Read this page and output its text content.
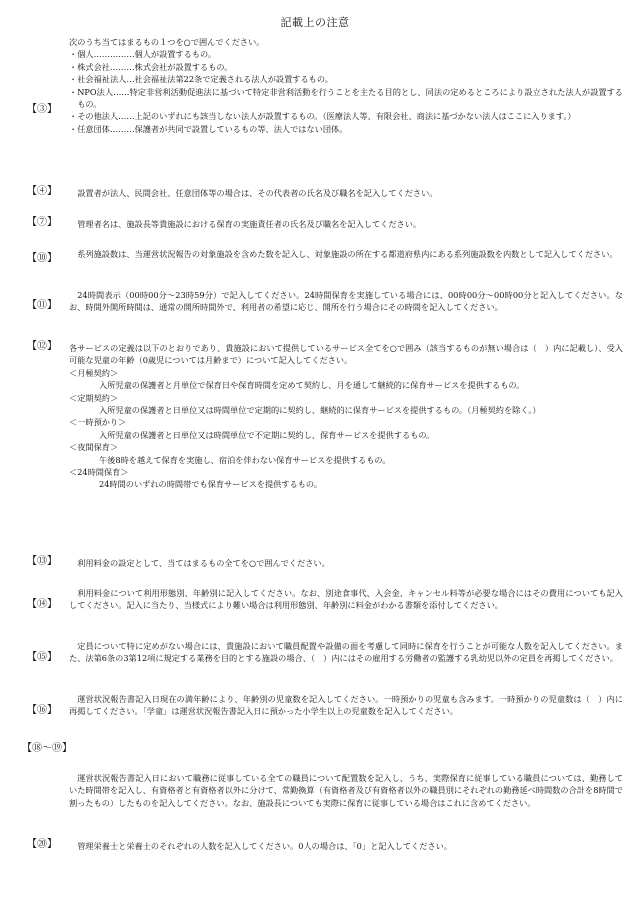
記載上の注意
【③】

次のうち当てはまるもの１つを○で囲んでください。

・個人……………個人が設置するもの。

・株式会社………株式会社が設置するもの。

・社会福祉法人…社会福祉法第22条で定義される法人が設置するもの。

・NPO法人……特定非営利活動促進法に基づいて特定非営利活動を行うことを主たる目的とし、同法の定めるところにより設立された法人が設置するもの。

・その他法人……上記のいずれにも該当しない法人が設置するもの。（医療法人等、有限会社、商法に基づかない法人はここに入ります。）

・任意団体………保護者が共同で設置しているもの等、法人ではない団体。

【④】	設置者が法人、民間会社、任意団体等の場合は、その代表者の氏名及び職名を記入してください。
【⑦】	管理者名は、施設長等貴施設における保育の実施責任者の氏名及び職名を記入してください。
【⑩】	系列施設数は、当運営状況報告の対象施設を含めた数を記入し、対象施設の所在する都道府県内にある系列施設数を内数として記入してください。
【⑪】
24時間表示（00時00分～23時59分）で記入してください。24時間保育を実施している場合には、00時00分～00時00分と記入してください。なお、時間外開所時間は、通常の開所時間外で、利用者の希望に応じ、開所を行う場合にその時間を記入してください。
【⑫】 各サービスの定義は以下のとおりであり、貴施設において提供しているサービス全てを○で囲み（該当するものが無い場合は（　）内に記載し）、受入可能な児童の年齢（0歳児については月齢まで）について記入してください。

＜月極契約＞

入所児童の保護者と月単位で保育日や保育時間を定めて契約し、月を通して継続的に保育サービスを提供するもの。

＜定期契約＞

入所児童の保護者と日単位又は時間単位で定期的に契約し、継続的に保育サービスを提供するもの。（月極契約を除く。）

＜一時預かり＞

入所児童の保護者と日単位又は時間単位で不定期に契約し、保育サービスを提供するもの。

＜夜間保育＞

午後8時を越えて保育を実施し、宿泊を伴わない保育サービスを提供するもの。

＜24時間保育＞

24時間のいずれの時間帯でも保育サービスを提供するもの。

【⑬】	利用料金の設定として、当てはまるもの全てを○で囲んでください。
【⑭】
利用料金について利用形態別、年齢別に記入してください。なお、別途食事代、入会金、キャンセル料等が必要な場合にはその費用についても記入してください。記入に当たり、当様式により難い場合は利用形態別、年齢別に料金がわかる書類を添付してください。
【⑮】
定員について特に定めがない場合には、貴施設において職員配置や設備の面を考慮して同時に保育を行うことが可能な人数を記入してください。また、法第6条の3第12項に規定する業務を目的とする施設の場合、（　）内にはその雇用する労働者の監護する乳幼児以外の定員を再掲してください。
【⑯】
運営状況報告書記入日現在の満年齢により、年齢別の児童数を記入してください。一時預かりの児童も含みます。一時預かりの児童数は（　）内に再掲してください。「学童」は運営状況報告書記入日に預かった小学生以上の児童数を記入してください。
【⑱～⑲】
運営状況報告書記入日において職務に従事している全ての職員について配置数を記入し、うち、実際保育に従事している職員については、勤務していた時間帯を記入し、有資格者と有資格者以外に分けて、常勤換算（有資格者及び有資格者以外の職員別にそれぞれの勤務延べ時間数の合計を8時間で割ったもの）したものを記入してください。なお、施設長についても実際に保育に従事している場合はこれに含めてください。
【⑳】	管理栄養士と栄養士のそれぞれの人数を記入してください。0人の場合は、「0」と記入してください。
